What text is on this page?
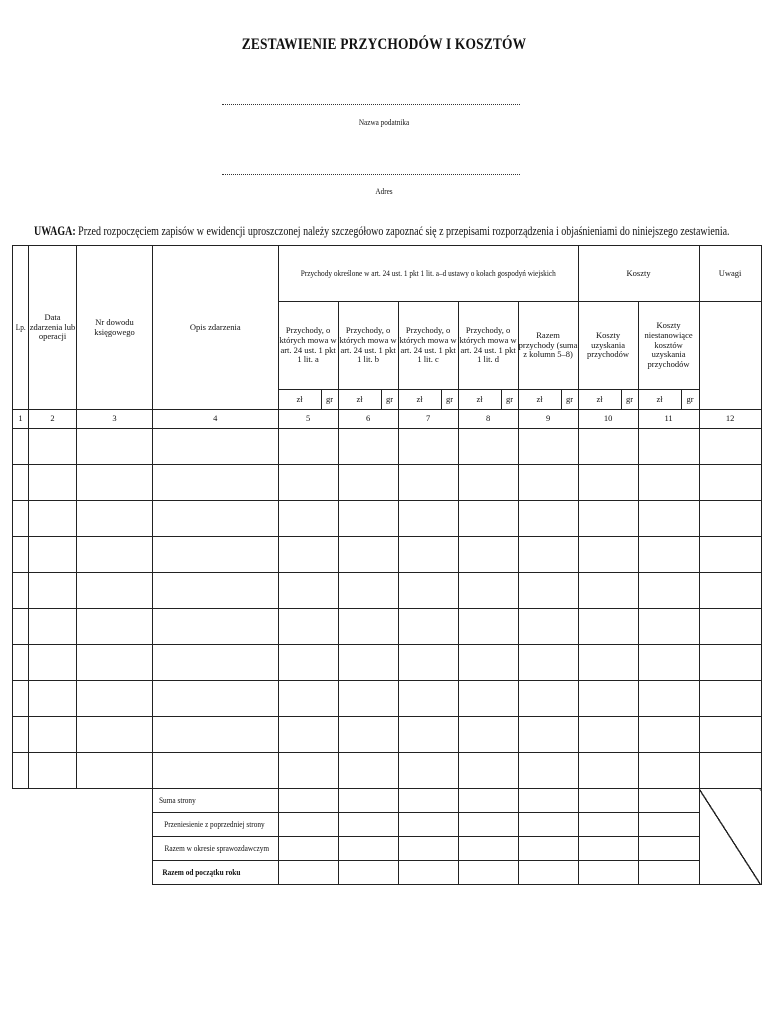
ZESTAWIENIE PRZYCHODÓW I KOSZTÓW
Nazwa podatnika
Adres
UWAGA: Przed rozpoczęciem zapisów w ewidencji uproszczonej należy szczegółowo zapoznać się z przepisami rozporządzenia i objaśnieniami do niniejszego zestawienia.
Lp.	Data zdarzenia lub operacji	Nr dowodu księgowego	Opis zdarzenia	Przychody określone w art. 24 ust. 1 pkt 1 lit. a–d ustawy o kołach gospodyń wiejskich										Koszty				Uwagi
				Przychody, o których mowa w art. 24 ust. 1 pkt 1 lit. a		Przychody, o których mowa w art. 24 ust. 1 pkt 1 lit. b		Przychody, o których mowa w art. 24 ust. 1 pkt 1 lit. c		Przychody, o których mowa w art. 24 ust. 1 pkt 1 lit. d		Razem przychody (suma z kolumn 5–8)		Koszty uzyskania przychodów		Koszty niestanowiące kosztów uzyskania przychodów		
				zł	gr	zł	gr	zł	gr	zł	gr	zł	gr	zł	gr	zł	gr	
1	2	3	4	5		6		7		8		9		10		11		12

			Suma strony															
			Przeniesienie z poprzedniej strony															
			Razem w okresie sprawozdawczym															
			Razem od początku roku															
